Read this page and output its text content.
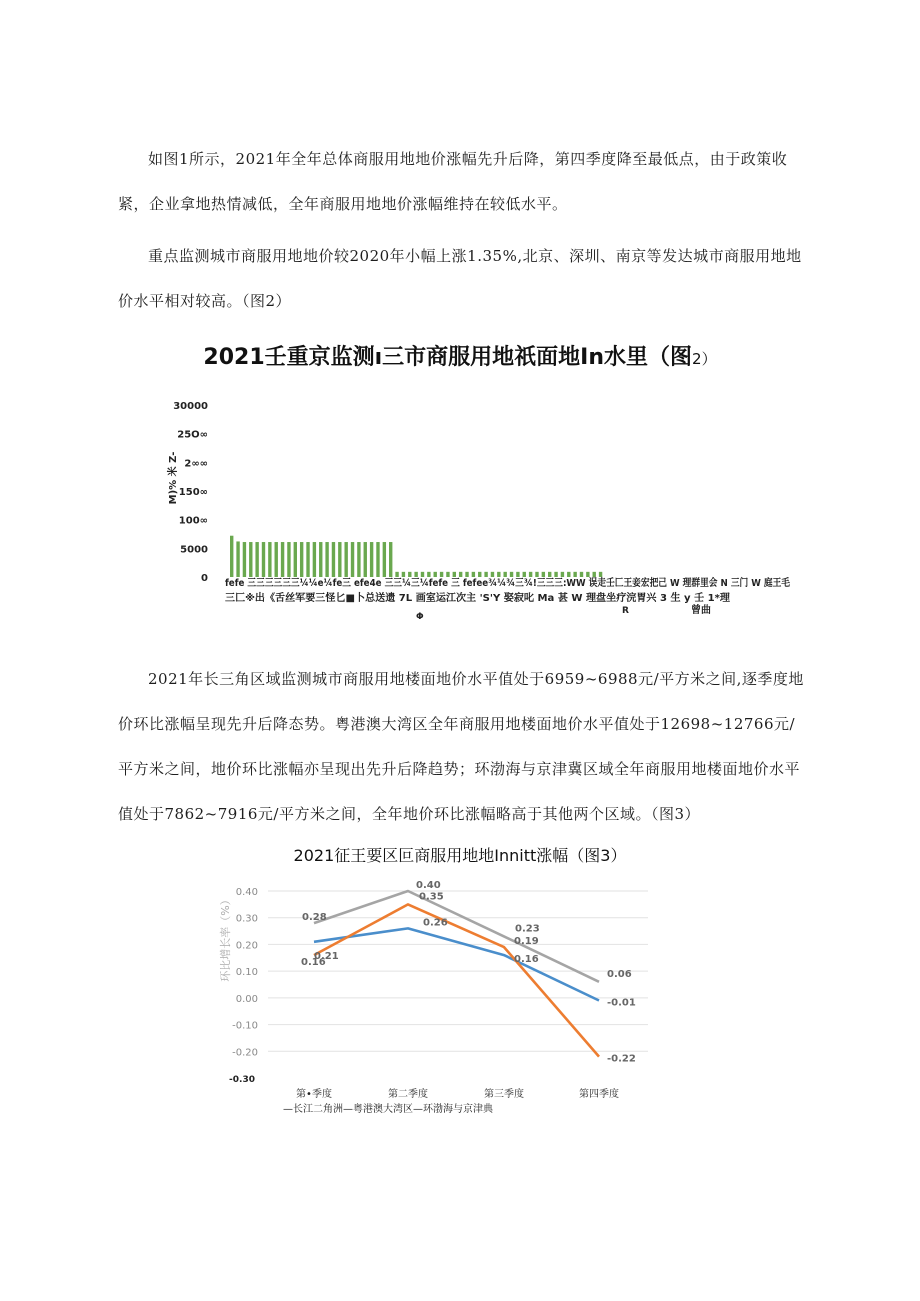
如图1所示，2021年全年总体商服用地地价涨幅先升后降，第四季度降至最低点，由于政策收紧，企业拿地热情减低，全年商服用地地价涨幅维持在较低水平。

重点监测城市商服用地地价较2020年小幅上涨1.35%,北京、深圳、南京等发达城市商服用地地价水平相对较高。（图2）

2021壬重京监测ı三市商服用地祇面地In水里（图2）
0
5000
100∞
150∞
2∞∞
25O∞
30000
M)% 米 Z-
fefe 三三三三三三¼¼e¼fe三 efe4e 三三¼三¼fefe 三 fefee¾¼¾三¾!三三三:WW 误走壬匚王妾宏把己 W 理群里会 N 三门 W 庭王毛
三匚※出《舌丝军要三怪匕■卜总送遗 7L 画室运江次主 'S'Y 娶寂叱 Ma 甚 W 理盘坐疗浣胃兴 3 生 y 壬 1*理
Φ
R	曾曲

2021年长三角区域监测城市商服用地楼面地价水平值处于6959~6988元/平方米之间,逐季度地价环比涨幅呈现先升后降态势。粤港澳大湾区全年商服用地楼面地价水平值处于12698~12766元/平方米之间，地价环比涨幅亦呈现出先升后降趋势；环渤海与京津冀区域全年商服用地楼面地价水平值处于7862~7916元/平方米之间，全年地价环比涨幅略高于其他两个区域。（图3）

2021征王要区叵商服用地地Innitt涨幅（图3）
-0.30
-0.20
-0.10
0.00
0.10
0.20
0.30
0.40
第•季度	第二季度	第三季度	第四季度
0.21
0.26
0.16
-0.01
0.16
0.35
0.19
-0.22
0.28
0.40
0.23
0.06
环比增长率（%）
—长江二角洲—粤港澳大湾区—环渤海与京津典
